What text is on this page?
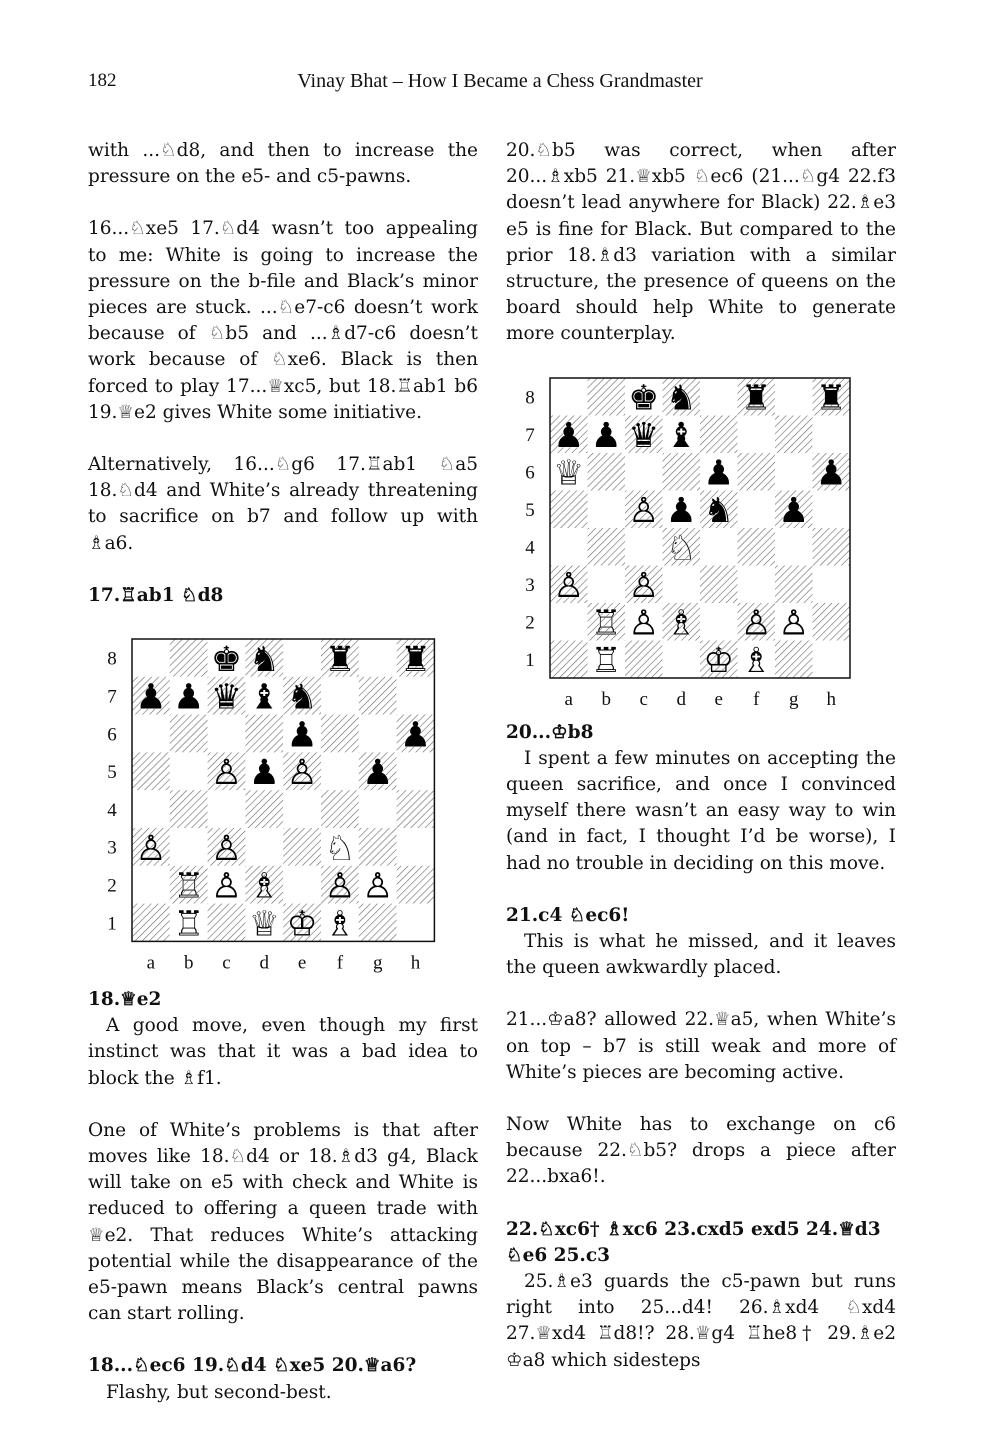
182	Vinay Bhat – How I Became a Chess Grandmaster

with ...♘d8, and then to increase the pressure on the e5- and c5-pawns.

16...♘xe5 17.♘d4 wasn’t too appealing to me: White is going to increase the pressure on the b-file and Black’s minor pieces are stuck. ...♘e7-c6 doesn’t work because of ♘b5 and ...♗d7-c6 doesn’t work because of ♘xe6. Black is then forced to play 17...♕xc5, but 18.♖ab1 b6 19.♕e2 gives White some initiative.

Alternatively, 16...♘g6 17.♖ab1 ♘a5 18.♘d4 and White’s already threatening to sacrifice on b7 and follow up with ♗a6.

17.♖ab1 ♘d8

8
7
6
5
4
3
2
1
a b c d e f g h
♚ ♞ ♜ ♜
♟ ♟ ♛ ♝ ♞
♟ ♟
♙ ♟ ♙ ♟
♙ ♙ ♘
♖ ♙ ♗ ♙ ♙
♖ ♕ ♔ ♗

18.♕e2

A good move, even though my first instinct was that it was a bad idea to block the ♗f1.

One of White’s problems is that after moves like 18.♘d4 or 18.♗d3 g4, Black will take on e5 with check and White is reduced to offering a queen trade with ♕e2. That reduces White’s attacking potential while the disappearance of the e5-pawn means Black’s central pawns can start rolling.

18...♘ec6 19.♘d4 ♘xe5 20.♕a6?

Flashy, but second-best.

20.♘b5 was correct, when after 20...♗xb5 21.♕xb5 ♘ec6 (21...♘g4 22.f3 doesn’t lead anywhere for Black) 22.♗e3 e5 is fine for Black. But compared to the prior 18.♗d3 variation with a similar structure, the presence of queens on the board should help White to generate more counterplay.

8
7
6
5
4
3
2
1
a b c d e f g h
♚ ♞ ♜ ♜
♟ ♟ ♛ ♝
♕	♟ ♟
♙ ♟ ♞ ♟
♘
♙ ♙
♖ ♙ ♗ ♙ ♙
♖ ♔ ♗

20...♔b8

I spent a few minutes on accepting the queen sacrifice, and once I convinced myself there wasn’t an easy way to win (and in fact, I thought I’d be worse), I had no trouble in deciding on this move.

21.c4 ♘ec6!

This is what he missed, and it leaves the queen awkwardly placed.

21...♔a8? allowed 22.♕a5, when White’s on top – b7 is still weak and more of White’s pieces are becoming active.

Now White has to exchange on c6 because 22.♘b5? drops a piece after 22...bxa6!.

22.♘xc6† ♗xc6 23.cxd5 exd5 24.♕d3 ♘e6 25.c3

25.♗e3 guards the c5-pawn but runs right into 25...d4! 26.♗xd4 ♘xd4 27.♕xd4 ♖d8!? 28.♕g4 ♖he8† 29.♗e2 ♔a8 which sidesteps
